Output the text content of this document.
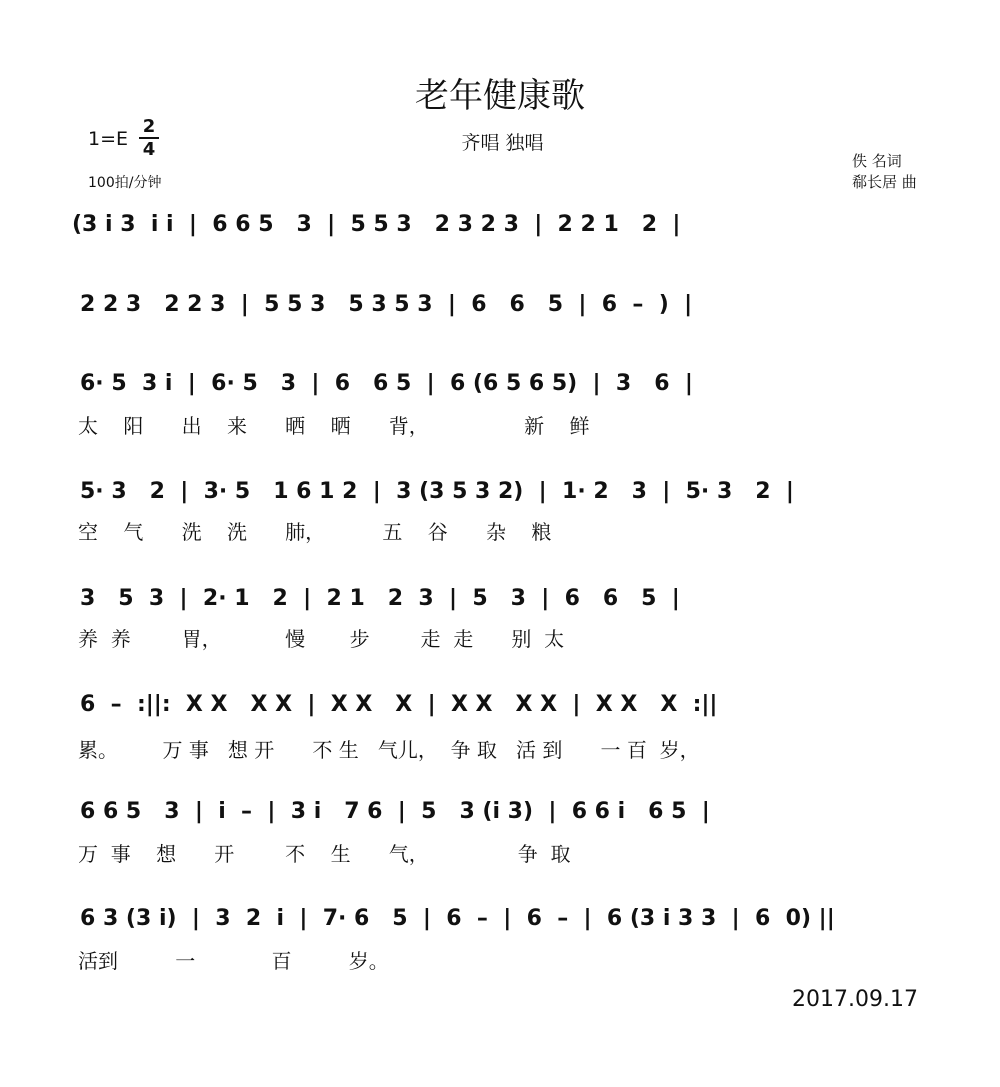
老年健康歌
1=E
2
4
100拍/分钟
齐唱 独唱
佚 名词
郗长居 曲
(3 i 3  i i  |  6 6 5   3  |  5 5 3   2 3 2 3  |  2 2 1   2  |
2 2 3   2 2 3  |  5 5 3   5 3 5 3  |  6   6   5  |  6  –  )  |
6· 5  3 i  |  6· 5   3  |  6   6 5  |  6 (6 5 6 5)  |  3   6  |
太    阳      出    来      晒    晒      背，               新    鲜
5· 3   2  |  3· 5   1 6 1 2  |  3 (3 5 3 2)  |  1· 2   3  |  5· 3   2  |
空    气      洗    洗      肺，         五    谷      杂    粮
3   5  3  |  2· 1   2  |  2 1   2  3  |  5   3  |  6   6   5  |
养  养        胃，          慢       步        走  走      别  太
6  –  :||:  X X   X X  |  X X   X  |  X X   X X  |  X X   X  :||
累。       万 事   想 开      不 生   气儿，  争 取   活 到      一 百  岁，
6 6 5   3  |  i  –  |  3 i   7 6  |  5   3 (i 3)  |  6 6 i   6 5  |
万  事    想      开        不    生      气，              争  取
6 3 (3 i)  |  3  2  i  |  7· 6   5  |  6  –  |  6  –  |  6 (3 i 3 3  |  6  0) ||
活到         一            百         岁。
2017.09.17
